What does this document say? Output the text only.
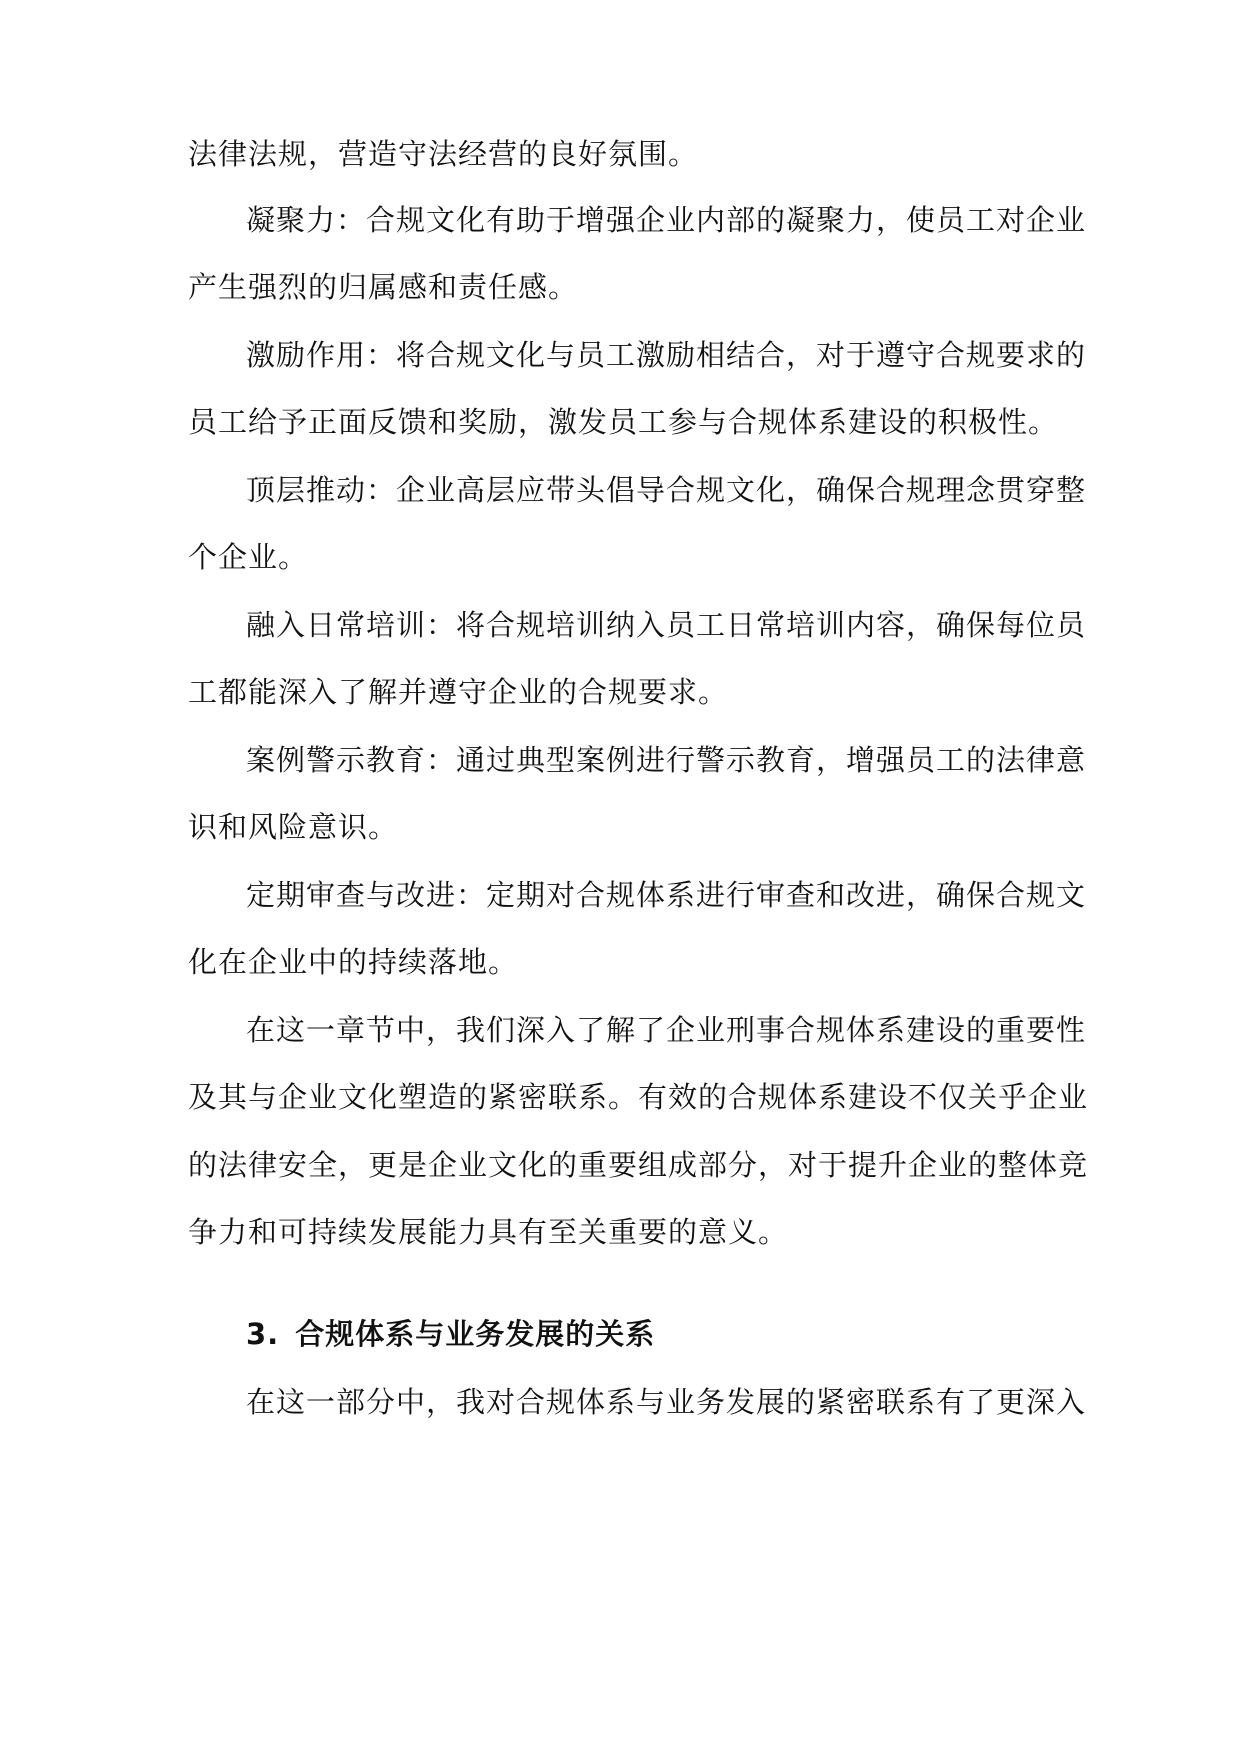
法律法规，营造守法经营的良好氛围。
凝聚力：合规文化有助于增强企业内部的凝聚力，使员工对企业
产生强烈的归属感和责任感。
激励作用：将合规文化与员工激励相结合，对于遵守合规要求的
员工给予正面反馈和奖励，激发员工参与合规体系建设的积极性。
顶层推动：企业高层应带头倡导合规文化，确保合规理念贯穿整
个企业。
融入日常培训：将合规培训纳入员工日常培训内容，确保每位员
工都能深入了解并遵守企业的合规要求。
案例警示教育：通过典型案例进行警示教育，增强员工的法律意
识和风险意识。
定期审查与改进：定期对合规体系进行审查和改进，确保合规文
化在企业中的持续落地。
在这一章节中，我们深入了解了企业刑事合规体系建设的重要性
及其与企业文化塑造的紧密联系。有效的合规体系建设不仅关乎企业
的法律安全，更是企业文化的重要组成部分，对于提升企业的整体竞
争力和可持续发展能力具有至关重要的意义。
3. 合规体系与业务发展的关系
在这一部分中，我对合规体系与业务发展的紧密联系有了更深入
